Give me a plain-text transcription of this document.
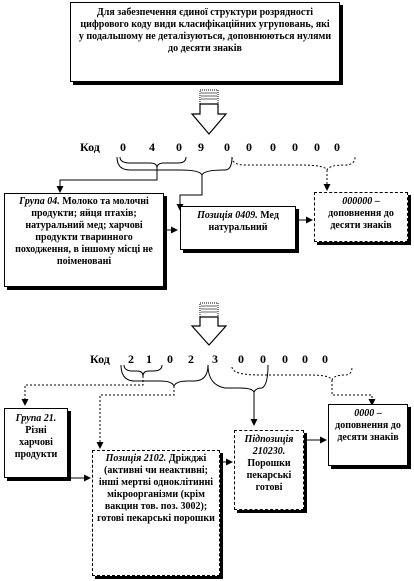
Для забезпечення єдиної структури розрядності цифрового коду види класифікаційних угруповань, які у подальшому не деталізуються, доповнюються нулями до десяти знаків
Код 0 4 0 9 0 0 0 0 0 0
Група 04. Молоко та молочні продукти; яйця птахів; натуральний мед; харчові продукти тваринного походження, в іншому місці не поіменовані
Позиція 0409. Мед натуральний
000000 – доповнення до десяти знаків
Код 2 1 0 2 3 0 0 0 0 0
Група 21. Різні харчові продукти	Позиція 2102. Дріжджі (активні чи неактивні; інші мертві одноклітинні мікроорганізми (крім вакцин тов. поз. 3002); готові пекарські порошки
Підпозиція 210230. Порошки пекарські готові
0000 – доповнення до десяти знаків
